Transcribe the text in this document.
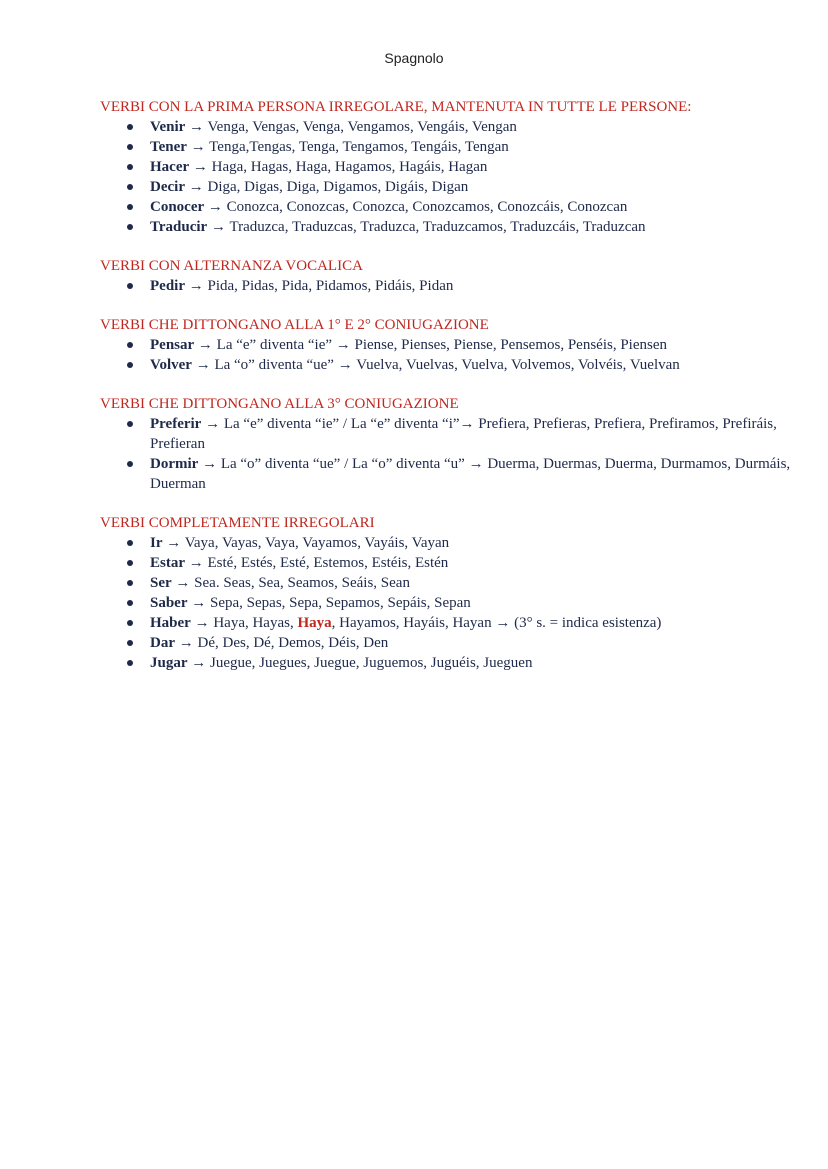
Spagnolo

VERBI CON LA PRIMA PERSONA IRREGOLARE, MANTENUTA IN TUTTE LE PERSONE:

Venir → Venga, Vengas, Venga, Vengamos, Vengáis, Vengan
Tener → Tenga,Tengas, Tenga, Tengamos, Tengáis, Tengan
Hacer → Haga, Hagas, Haga, Hagamos, Hagáis, Hagan
Decir → Diga, Digas, Diga, Digamos, Digáis, Digan
Conocer → Conozca, Conozcas, Conozca, Conozcamos, Conozcáis, Conozcan
Traducir → Traduzca, Traduzcas, Traduzca, Traduzcamos, Traduzcáis, Traduzcan

VERBI CON ALTERNANZA VOCALICA

Pedir → Pida, Pidas, Pida, Pidamos, Pidáis, Pidan

VERBI CHE DITTONGANO ALLA 1° E 2° CONIUGAZIONE

Pensar → La “e” diventa “ie” → Piense, Pienses, Piense, Pensemos, Penséis, Piensen
Volver → La “o” diventa “ue” → Vuelva, Vuelvas, Vuelva, Volvemos, Volvéis, Vuelvan

VERBI CHE DITTONGANO ALLA 3° CONIUGAZIONE

Preferir → La “e” diventa “ie” / La “e” diventa “i”→ Prefiera, Prefieras, Prefiera, Prefiramos, Prefiráis, Prefieran
Dormir → La “o” diventa “ue” / La “o” diventa “u” → Duerma, Duermas, Duerma, Durmamos, Durmáis, Duerman

VERBI COMPLETAMENTE IRREGOLARI

Ir → Vaya, Vayas, Vaya, Vayamos, Vayáis, Vayan
Estar → Esté, Estés, Esté, Estemos, Estéis, Estén
Ser → Sea. Seas, Sea, Seamos, Seáis, Sean
Saber → Sepa, Sepas, Sepa, Sepamos, Sepáis, Sepan
Haber → Haya, Hayas, Haya, Hayamos, Hayáis, Hayan → (3° s. = indica esistenza)
Dar → Dé, Des, Dé, Demos, Déis, Den
Jugar → Juegue, Juegues, Juegue, Juguemos, Juguéis, Jueguen
